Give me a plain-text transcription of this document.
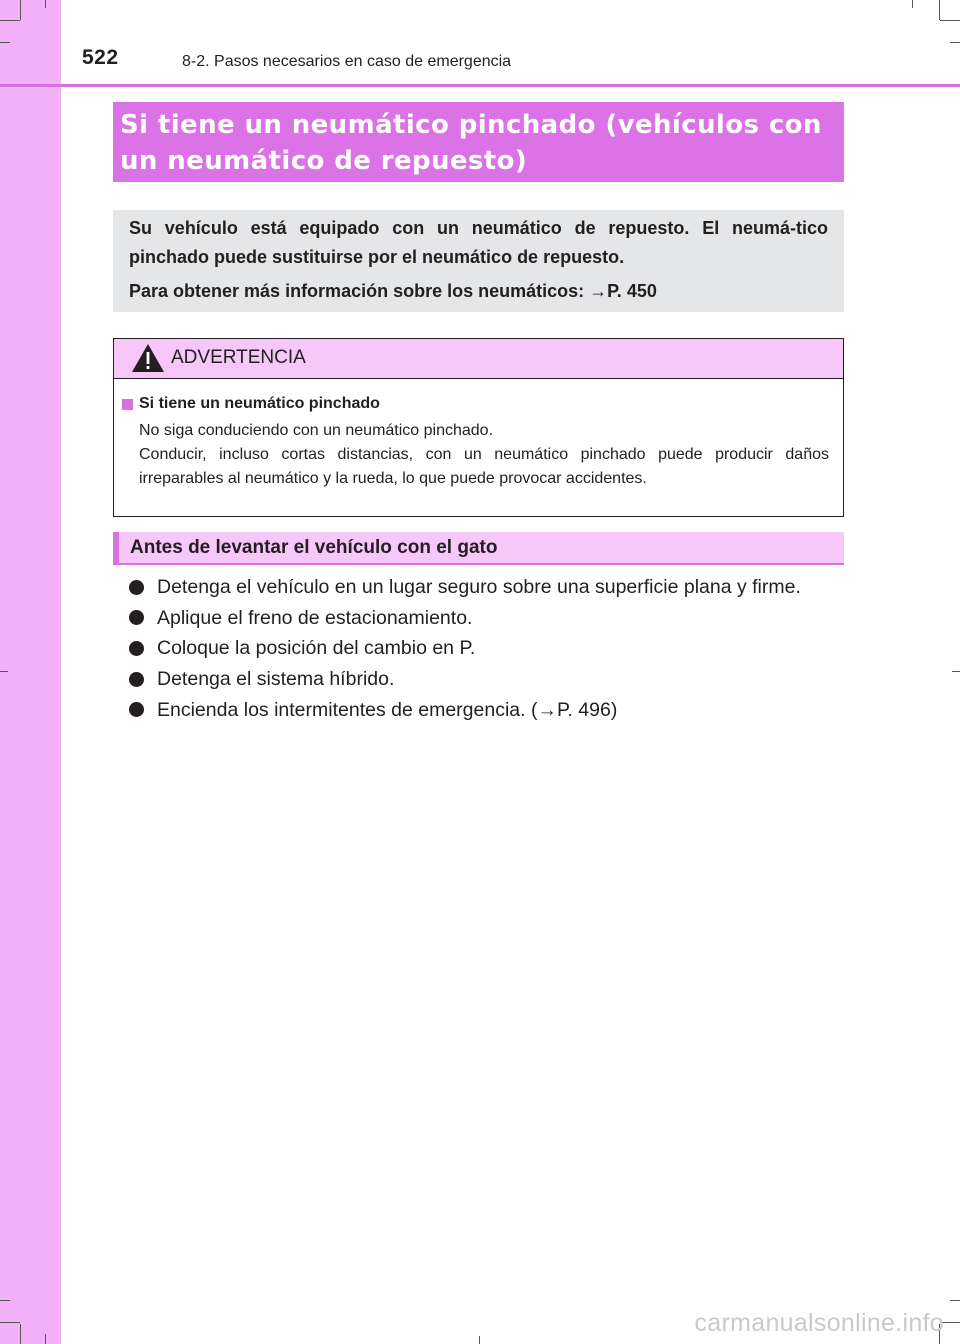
522	8-2. Pasos necesarios en caso de emergencia
Si tiene un neumático pinchado (vehículos con
un neumático de repuesto)

Su vehículo está equipado con un neumático de repuesto. El neumá-tico pinchado puede sustituirse por el neumático de repuesto.

Para obtener más información sobre los neumáticos: →P. 450

ADVERTENCIA
Si tiene un neumático pinchado

No siga conduciendo con un neumático pinchado.
Conducir, incluso cortas distancias, con un neumático pinchado puede producir daños irreparables al neumático y la rueda, lo que puede provocar accidentes.

Antes de levantar el vehículo con el gato
Detenga el vehículo en un lugar seguro sobre una superficie plana y firme.
Aplique el freno de estacionamiento.
Coloque la posición del cambio en P.
Detenga el sistema híbrido.
Encienda los intermitentes de emergencia. (→P. 496)
carmanualsonline.info
